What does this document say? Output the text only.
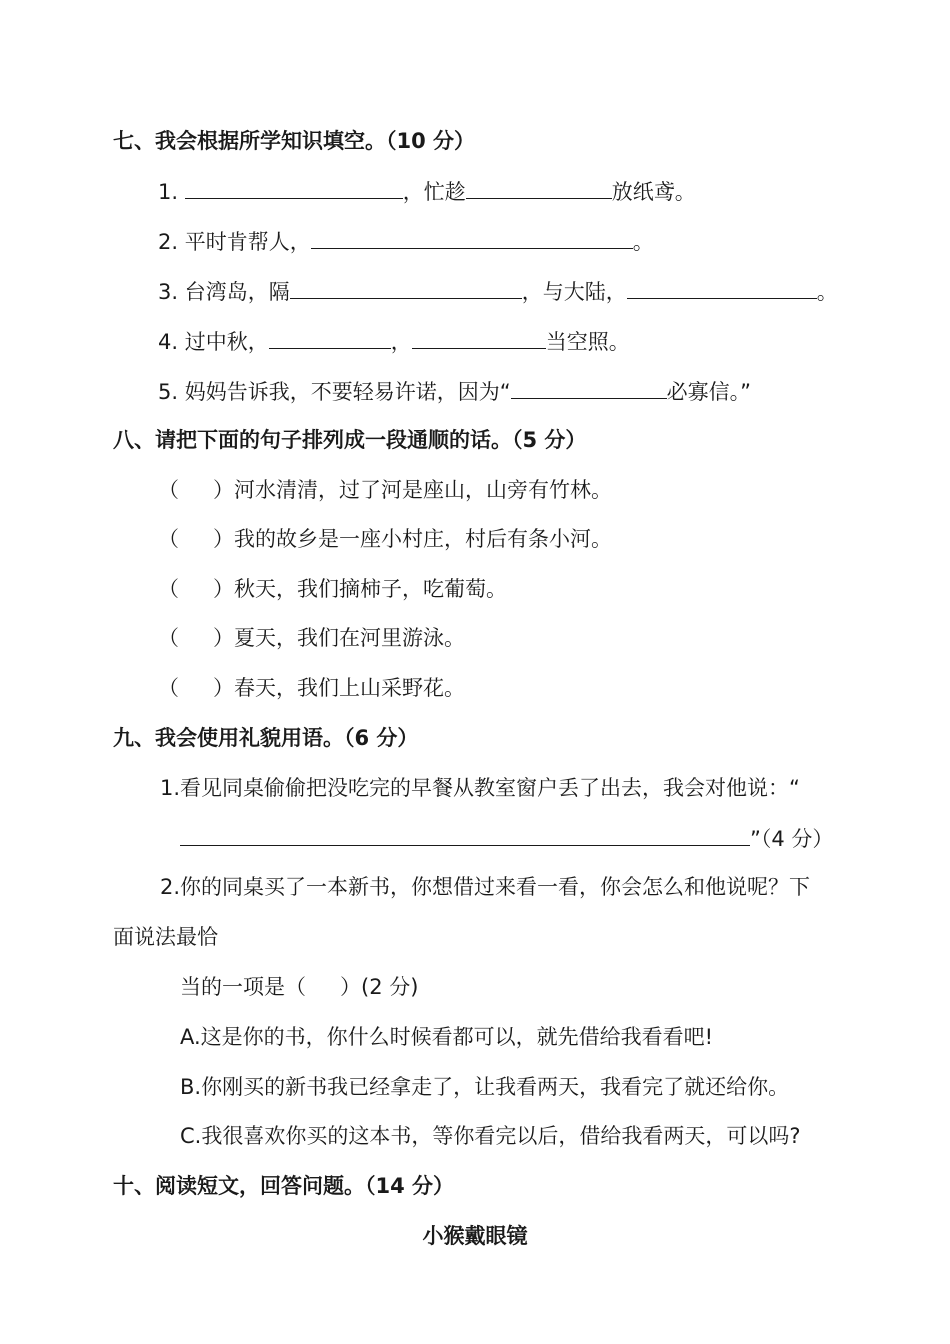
七、我会根据所学知识填空。（10 分）
1.	，忙趁	放纸鸢。
2. 平时肯帮人，	。
3. 台湾岛，隔	，与大陆，	。
4. 过中秋，	，	当空照。
5. 妈妈告诉我，不要轻易许诺，因为“	必寡信。”
八、请把下面的句子排列成一段通顺的话。（5 分）
（ ）河水清清，过了河是座山，山旁有竹林。
（ ）我的故乡是一座小村庄，村后有条小河。
（ ）秋天，我们摘柿子，吃葡萄。
（ ）夏天，我们在河里游泳。
（ ）春天，我们上山采野花。
九、我会使用礼貌用语。（6 分）
1.看见同桌偷偷把没吃完的早餐从教室窗户丢了出去，我会对他说：“
”（4 分）
2.你的同桌买了一本新书，你想借过来看一看，你会怎么和他说呢？下
面说法最恰
当的一项是（ ）(2 分)
A.这是你的书，你什么时候看都可以，就先借给我看看吧!
B.你刚买的新书我已经拿走了，让我看两天，我看完了就还给你。
C.我很喜欢你买的这本书，等你看完以后，借给我看两天，可以吗?
十、阅读短文，回答问题。（14 分）
小猴戴眼镜
